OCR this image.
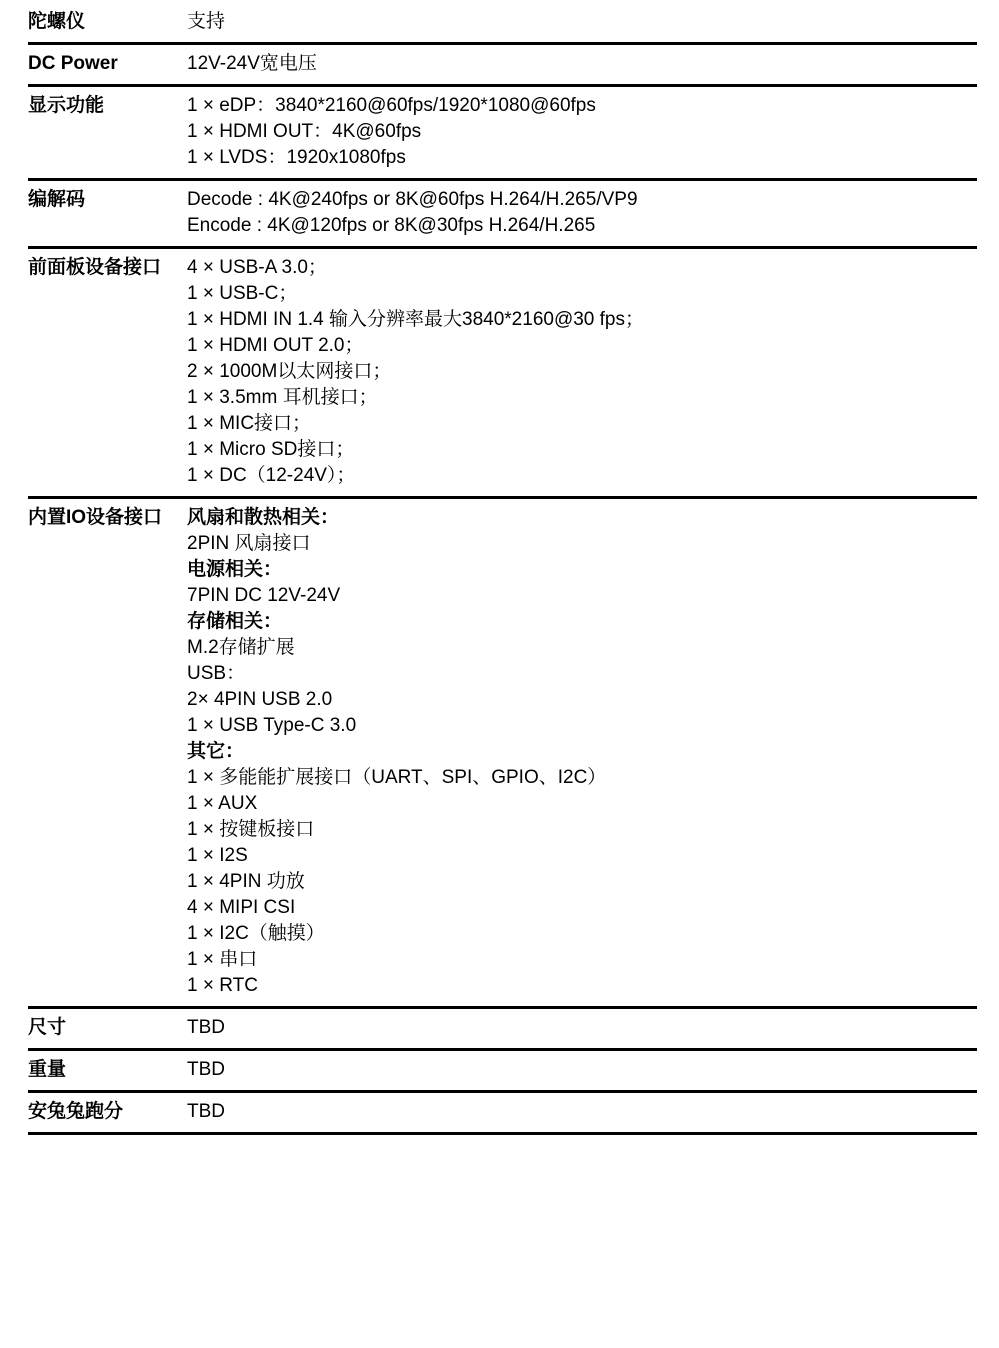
陀螺仪	支持
DC Power	12V-24V宽电压
显示功能	1 × eDP：3840*2160@60fps/1920*1080@60fps
1 × HDMI OUT：4K@60fps
1 × LVDS：1920x1080fps
编解码	Decode : 4K@240fps or 8K@60fps H.264/H.265/VP9
Encode : 4K@120fps or 8K@30fps H.264/H.265
前面板设备接口	4 × USB-A 3.0；
1 × USB-C；
1 × HDMI IN 1.4 输入分辨率最大3840*2160@30 fps；
1 × HDMI OUT 2.0；
2 × 1000M以太网接口；
1 × 3.5mm 耳机接口；
1 × MIC接口；
1 × Micro SD接口；
1 × DC（12-24V）；
内置IO设备接口	风扇和散热相关：
2PIN 风扇接口
电源相关：
7PIN DC 12V-24V
存储相关：
M.2存储扩展
USB：
2× 4PIN USB 2.0
1 × USB Type-C 3.0
其它：
1 × 多能能扩展接口（UART、SPI、GPIO、I2C）
1 × AUX
1 × 按键板接口
1 × I2S
1 × 4PIN 功放
4 × MIPI CSI
1 × I2C（触摸）
1 × 串口
1 × RTC
尺寸	TBD
重量	TBD
安兔兔跑分	TBD
